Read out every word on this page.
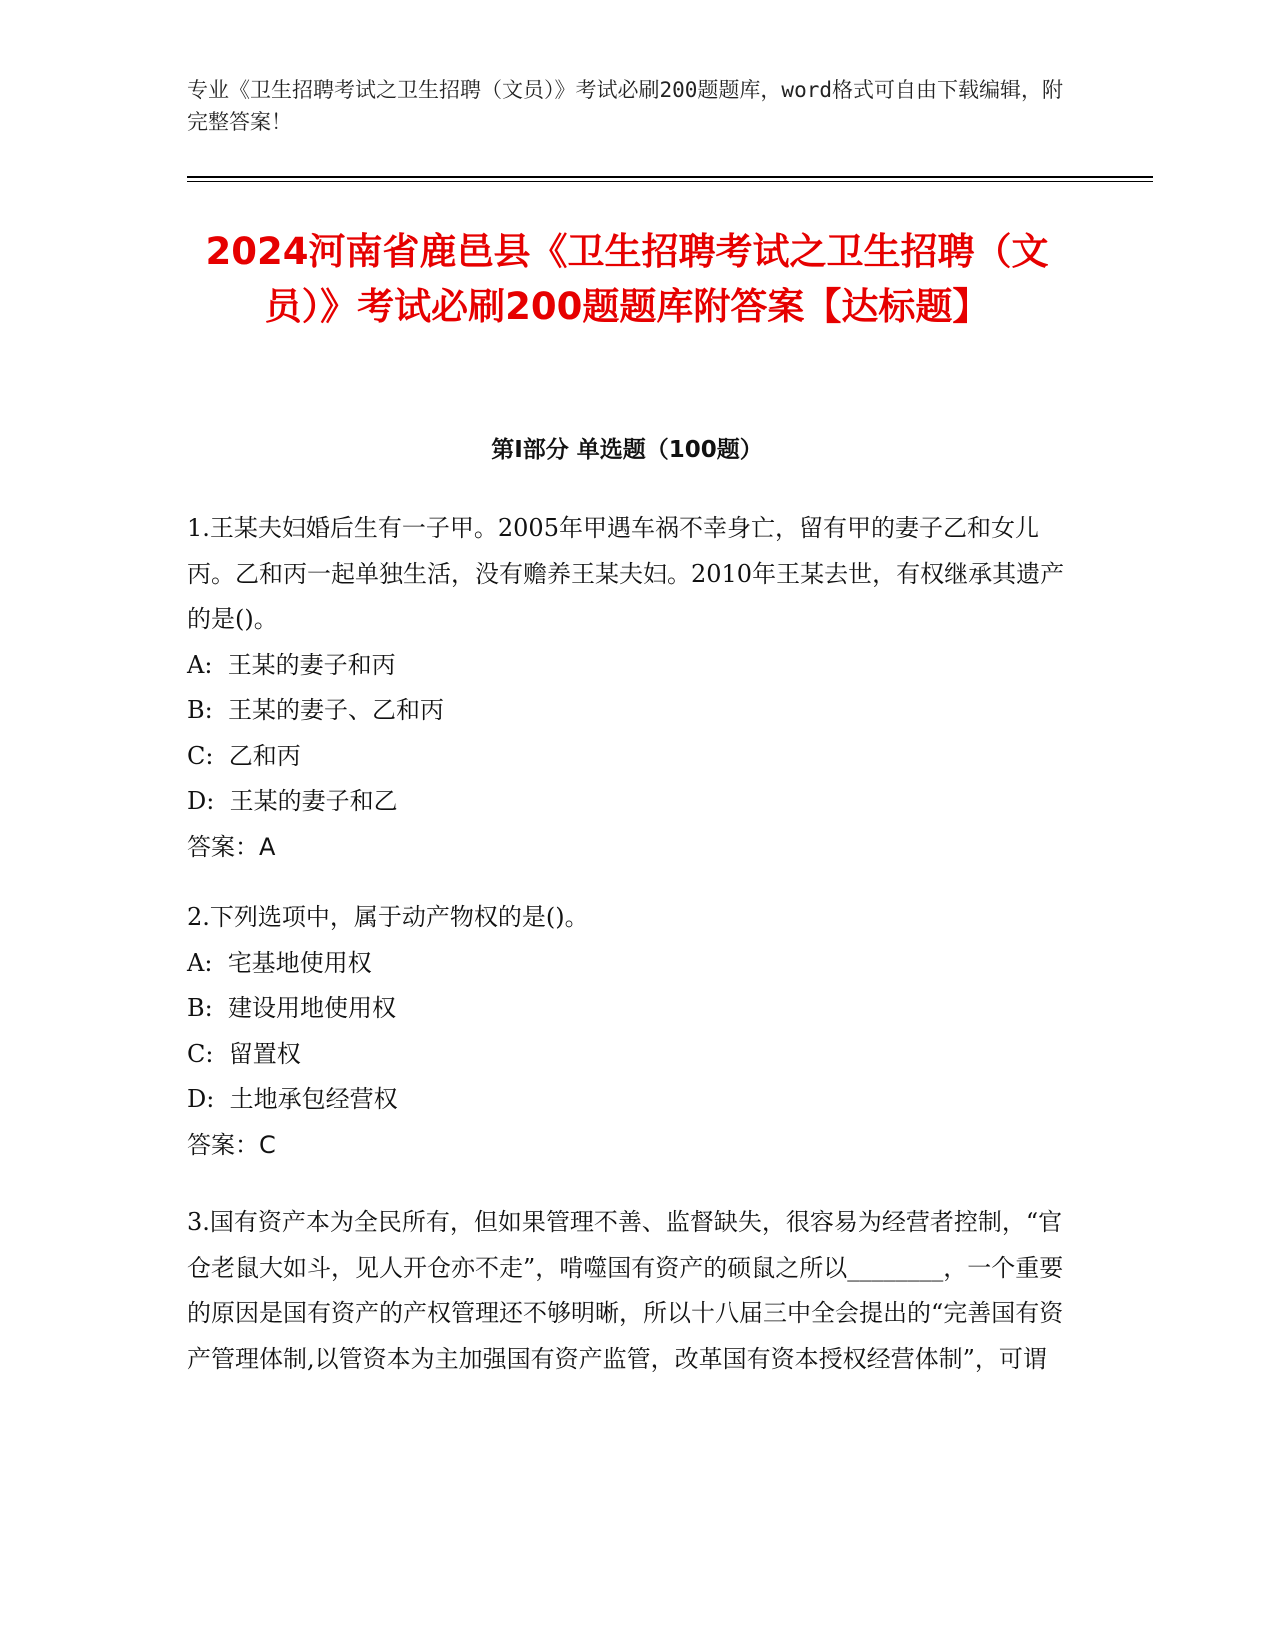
专业《卫生招聘考试之卫生招聘（文员）》考试必刷200题题库，word格式可自由下载编辑，附完整答案！
2024河南省鹿邑县《卫生招聘考试之卫生招聘（文员）》考试必刷200题题库附答案【达标题】
第I部分 单选题（100题）

1.王某夫妇婚后生有一子甲。2005年甲遇车祸不幸身亡，留有甲的妻子乙和女儿丙。乙和丙一起单独生活，没有赡养王某夫妇。2010年王某去世，有权继承其遗产的是()。

A: 王某的妻子和丙
B: 王某的妻子、乙和丙
C: 乙和丙
D: 王某的妻子和乙

答案：A

2.下列选项中，属于动产物权的是()。

A: 宅基地使用权
B: 建设用地使用权
C: 留置权
D: 土地承包经营权

答案：C

3.国有资产本为全民所有，但如果管理不善、监督缺失，很容易为经营者控制，“官仓老鼠大如斗，见人开仓亦不走”，啃噬国有资产的硕鼠之所以________，一个重要的原因是国有资产的产权管理还不够明晰，所以十八届三中全会提出的“完善国有资产管理体制,以管资本为主加强国有资产监管，改革国有资本授权经营体制”，可谓
